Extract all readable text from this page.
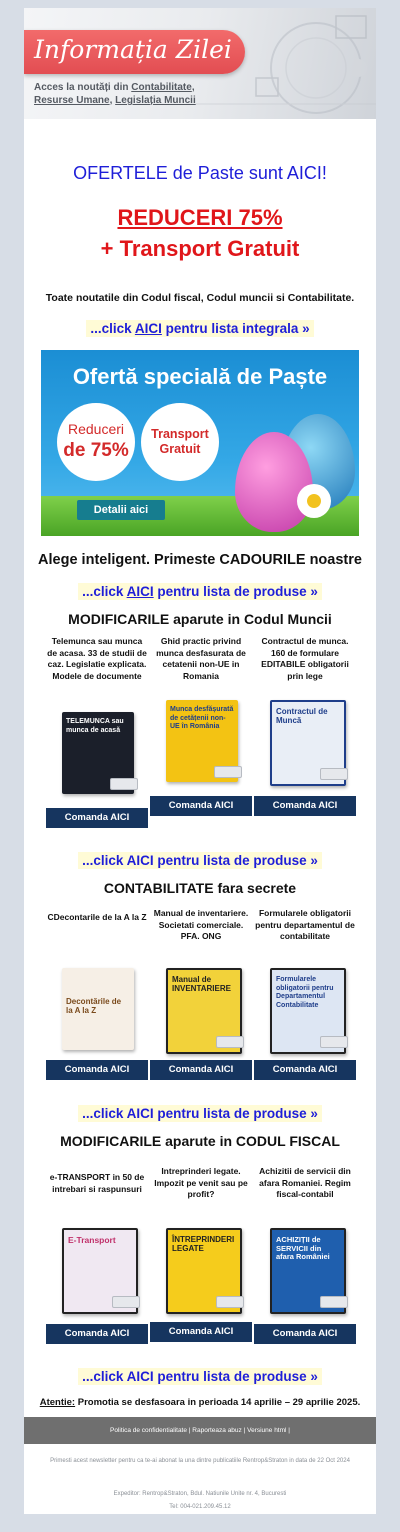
Informația Zilei
Acces la noutăți din Contabilitate,
Resurse Umane, Legislația Muncii
OFERTELE de Paste sunt AICI!
REDUCERI 75%
+ Transport Gratuit
Toate noutatile din Codul fiscal, Codul muncii si Contabilitate.
...click AICI pentru lista integrala »
Ofertă specială de Paște
Reduceri
de 75%
Transport
Gratuit
Detalii aici
Alege inteligent. Primeste CADOURILE noastre
...click AICI pentru lista de produse »
MODIFICARILE aparute in Codul Muncii
Telemunca sau munca de acasa. 33 de studii de caz. Legislatie explicata. Modele de documente
TELEMUNCA sau munca de acasă
Comanda AICI
Ghid practic privind munca desfasurata de cetatenii non-UE in Romania
Munca desfășurată de cetățenii non-UE în România
Comanda AICI
Contractul de munca. 160 de formulare EDITABILE obligatorii prin lege
Contractul de Muncă
Comanda AICI
...click AICI pentru lista de produse »
CONTABILITATE fara secrete
CDecontarile de la A la Z
Decontările de la A la Z
Comanda AICI
Manual de inventariere. Societati comerciale. PFA. ONG
Manual de INVENTARIERE
Comanda AICI
Formularele obligatorii pentru departamentul de contabilitate
Formularele obligatorii pentru Departamentul Contabilitate
Comanda AICI
...click AICI pentru lista de produse »
MODIFICARILE aparute in CODUL FISCAL
e-TRANSPORT in 50 de intrebari si raspunsuri
E-Transport
Comanda AICI
Intreprinderi legate. Impozit pe venit sau pe profit?
ÎNTREPRINDERI LEGATE
Comanda AICI
Achizitii de servicii din afara Romaniei. Regim fiscal-contabil
ACHIZIȚII de SERVICII din afara României
Comanda AICI
...click AICI pentru lista de produse »
Atentie: Promotia se desfasoara in perioada 14 aprilie – 29 aprilie 2025.
Politica de confidentialitate | Raporteaza abuz | Versiune html |
Primesti acest newsletter pentru ca te-ai abonat la una dintre publicatiile Rentrop&Straton in data de 22 Oct 2024
Expeditor: Rentrop&Straton, Bdul. Natiunile Unite nr. 4, Bucuresti
Tel: 004-021.209.45.12
